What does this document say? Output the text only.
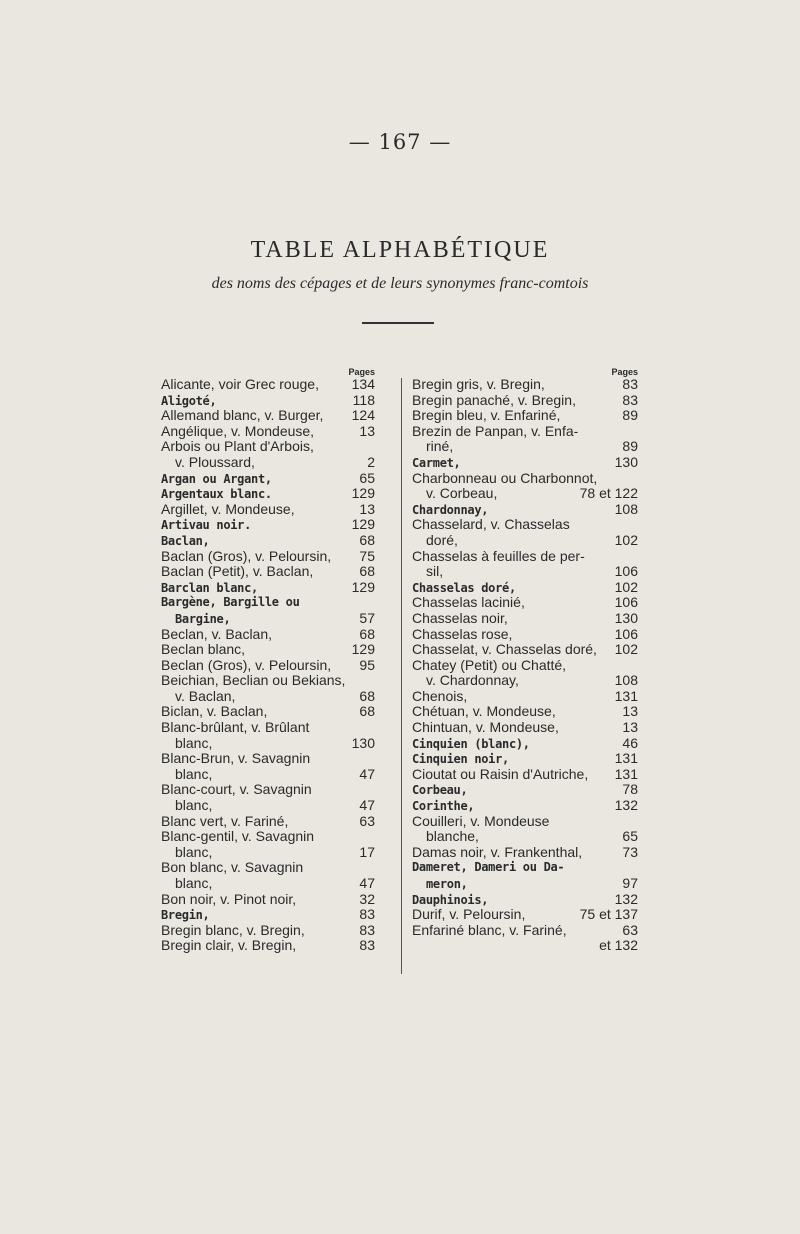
— 167 —
TABLE ALPHABÉTIQUE
des noms des cépages et de leurs synonymes franc-comtois
Pages
Alicante, voir Grec rouge,	134
Aligoté,	118
Allemand blanc, v. Burger,	124
Angélique, v. Mondeuse,	13
Arbois ou Plant d'Arbois,
v. Ploussard,	2
Argan ou Argant,	65
Argentaux blanc.	129
Argillet, v. Mondeuse,	13
Artivau noir.	129
Baclan,	68
Baclan (Gros), v. Peloursin,	75
Baclan (Petit), v. Baclan,	68
Barclan blanc,	129
Bargène, Bargille ou
Bargine,	57
Beclan, v. Baclan,	68
Beclan blanc,	129
Beclan (Gros), v. Peloursin,	95
Beichian, Beclian ou Bekians,
v. Baclan,	68
Biclan, v. Baclan,	68
Blanc-brûlant, v. Brûlant
blanc,	130
Blanc-Brun, v. Savagnin
blanc,	47
Blanc-court, v. Savagnin
blanc,	47
Blanc vert, v. Fariné,	63
Blanc-gentil, v. Savagnin
blanc,	17
Bon blanc, v. Savagnin
blanc,	47
Bon noir, v. Pinot noir,	32
Bregin,	83
Bregin blanc, v. Bregin,	83
Bregin clair, v. Bregin,	83
Pages
Bregin gris, v. Bregin,	83
Bregin panaché, v. Bregin,	83
Bregin bleu, v. Enfariné,	89
Brezin de Panpan, v. Enfa-
riné,	89
Carmet,	130
Charbonneau ou Charbonnot,
v. Corbeau,	78 et 122
Chardonnay,	108
Chasselard, v. Chasselas
doré,	102
Chasselas à feuilles de per-
sil,	106
Chasselas doré,	102
Chasselas lacinié,	106
Chasselas noir,	130
Chasselas rose,	106
Chasselat, v. Chasselas doré,	102
Chatey (Petit) ou Chatté,
v. Chardonnay,	108
Chenois,	131
Chétuan, v. Mondeuse,	13
Chintuan, v. Mondeuse,	13
Cinquien (blanc),	46
Cinquien noir,	131
Cioutat ou Raisin d'Autriche,	131
Corbeau,	78
Corinthe,	132
Couilleri, v. Mondeuse
blanche,	65
Damas noir, v. Frankenthal,	73
Dameret, Dameri ou Da-
meron,	97
Dauphinois,	132
Durif, v. Peloursin,	75 et 137
Enfariné blanc, v. Fariné,	63
et 132
